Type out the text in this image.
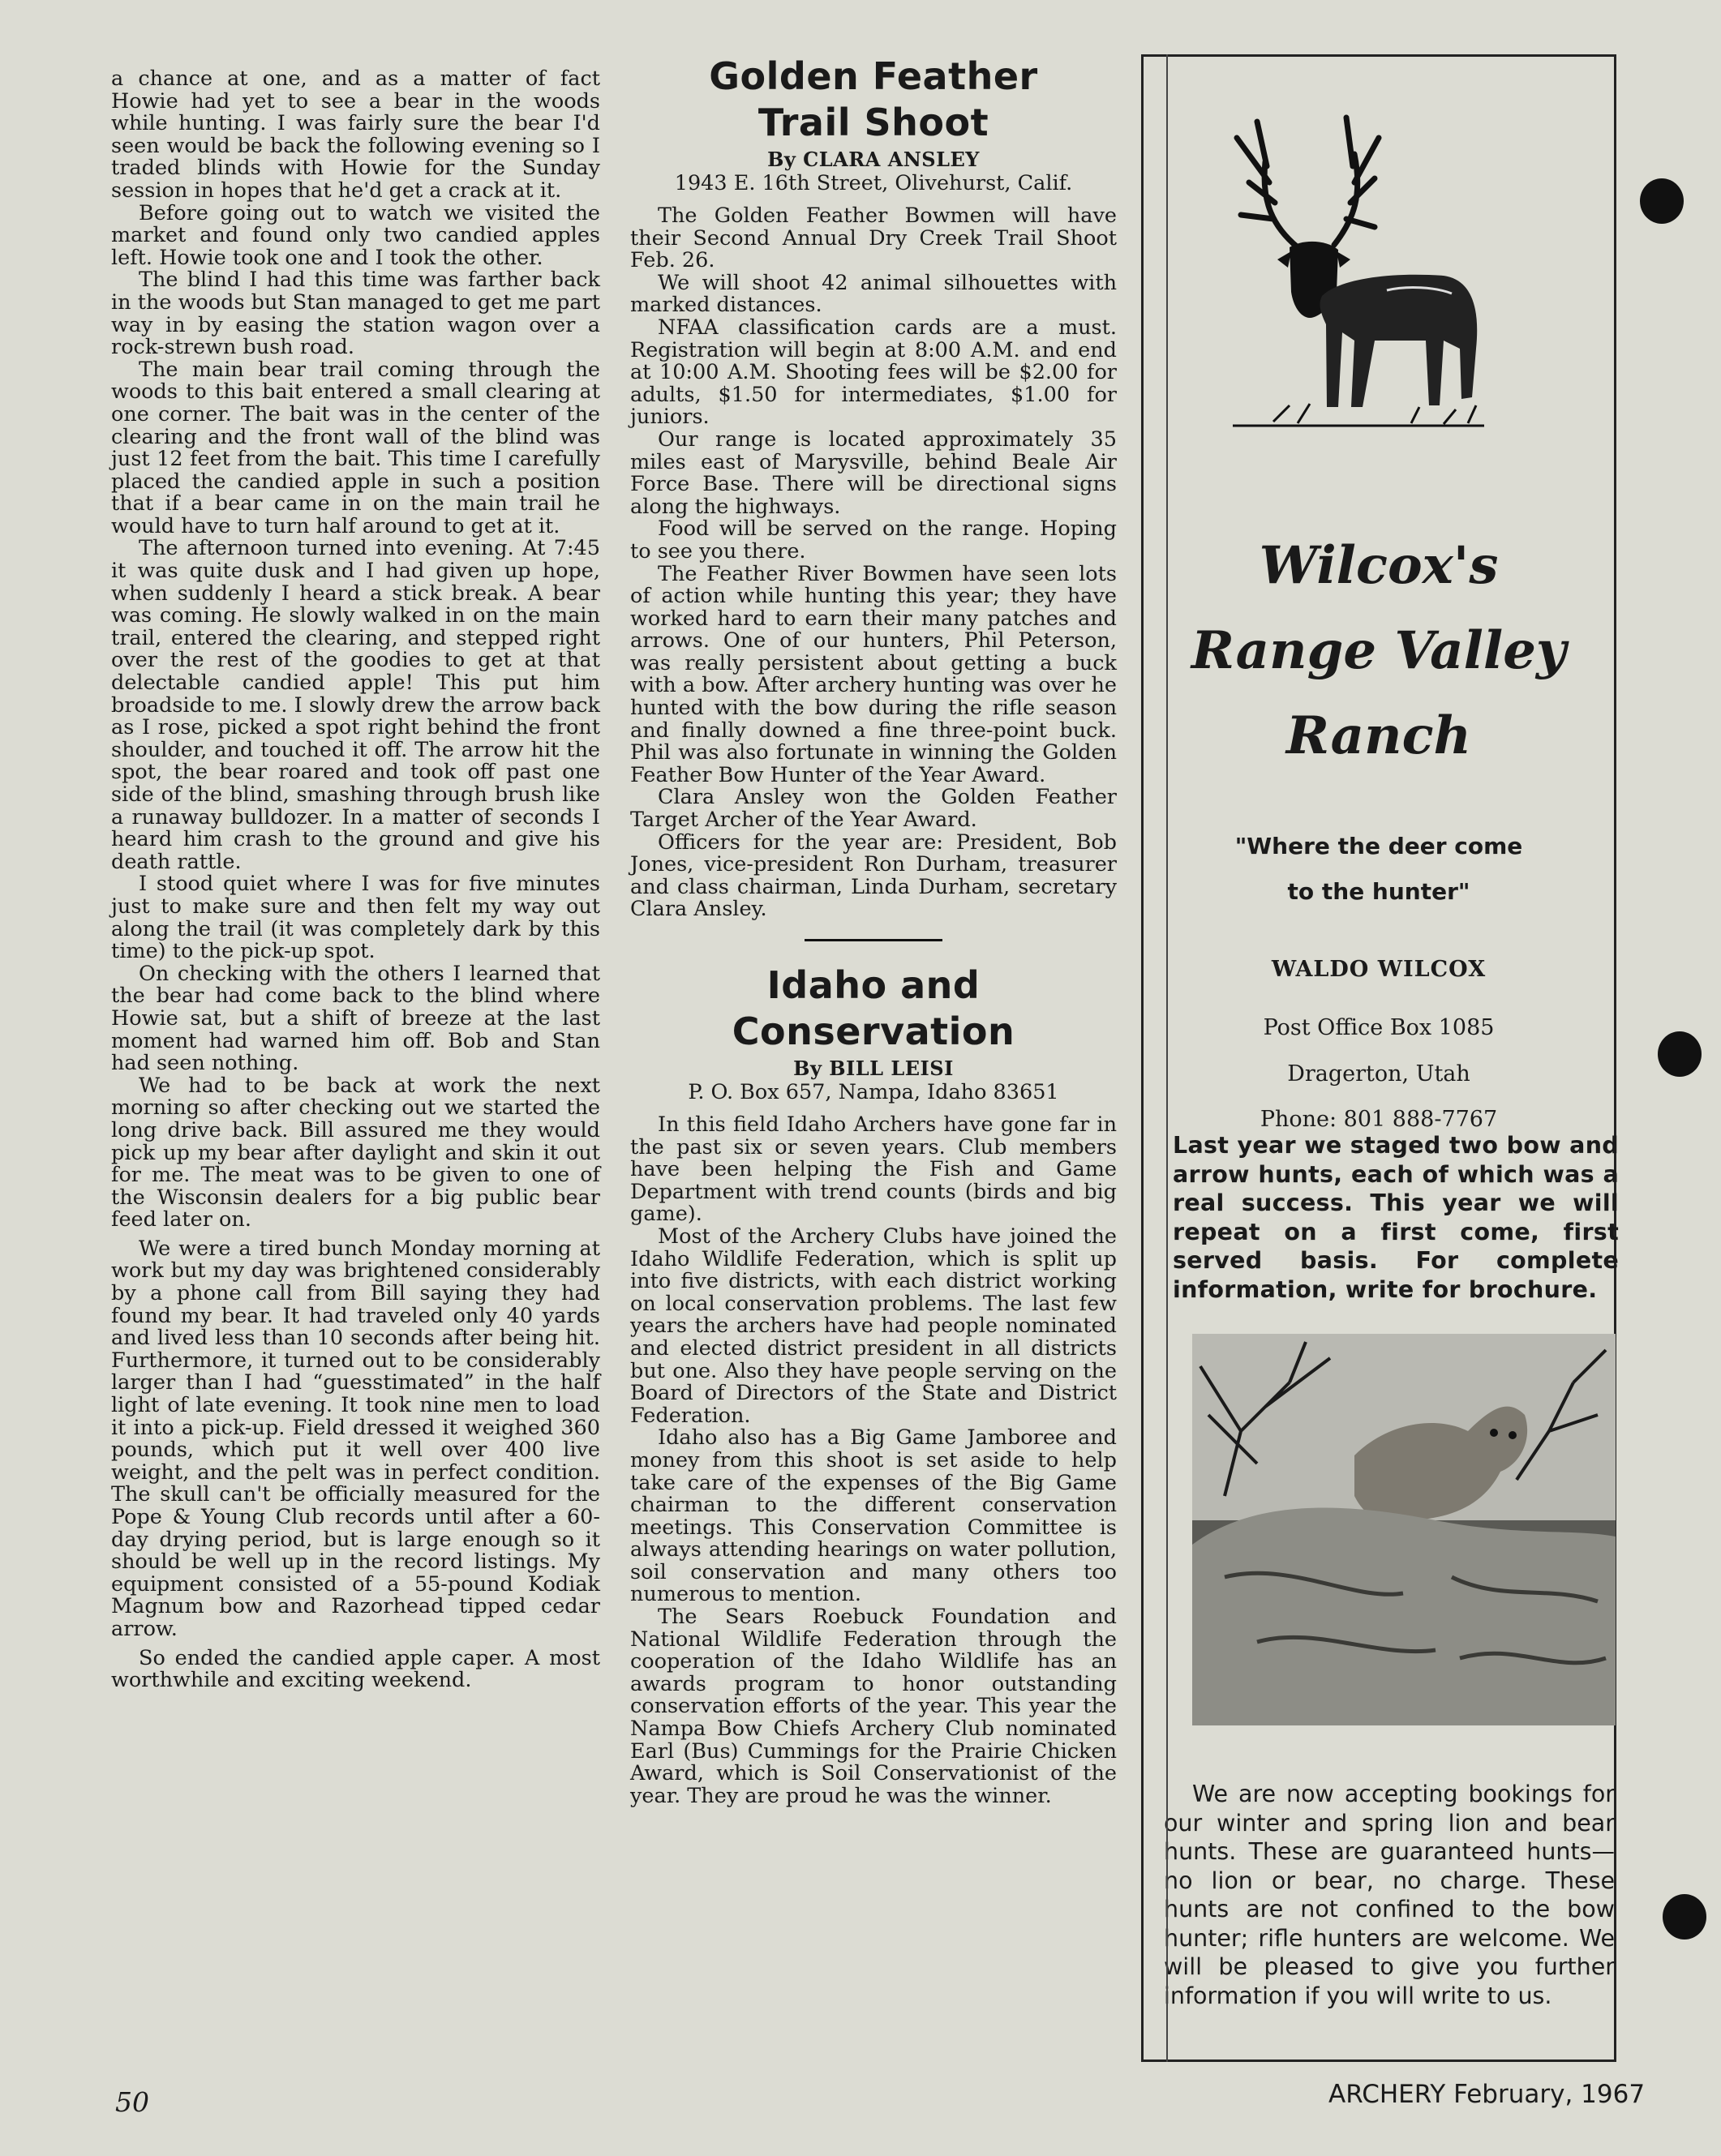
a chance at one, and as a matter of fact Howie had yet to see a bear in the woods while hunting. I was fairly sure the bear I'd seen would be back the following evening so I traded blinds with Howie for the Sunday session in hopes that he'd get a crack at it.

Before going out to watch we visited the market and found only two candied apples left. Howie took one and I took the other.

The blind I had this time was farther back in the woods but Stan managed to get me part way in by easing the station wagon over a rock-strewn bush road.

The main bear trail coming through the woods to this bait entered a small clearing at one corner. The bait was in the center of the clearing and the front wall of the blind was just 12 feet from the bait. This time I carefully placed the candied apple in such a position that if a bear came in on the main trail he would have to turn half around to get at it.

The afternoon turned into evening. At 7:45 it was quite dusk and I had given up hope, when suddenly I heard a stick break. A bear was coming. He slowly walked in on the main trail, entered the clearing, and stepped right over the rest of the goodies to get at that delectable candied apple! This put him broadside to me. I slowly drew the arrow back as I rose, picked a spot right behind the front shoulder, and touched it off. The arrow hit the spot, the bear roared and took off past one side of the blind, smashing through brush like a runaway bulldozer. In a matter of seconds I heard him crash to the ground and give his death rattle.

I stood quiet where I was for five minutes just to make sure and then felt my way out along the trail (it was completely dark by this time) to the pick-up spot.

On checking with the others I learned that the bear had come back to the blind where Howie sat, but a shift of breeze at the last moment had warned him off. Bob and Stan had seen nothing.

We had to be back at work the next morning so after checking out we started the long drive back. Bill assured me they would pick up my bear after daylight and skin it out for me. The meat was to be given to one of the Wisconsin dealers for a big public bear feed later on.

We were a tired bunch Monday morning at work but my day was brightened considerably by a phone call from Bill saying they had found my bear. It had traveled only 40 yards and lived less than 10 seconds after being hit. Furthermore, it turned out to be considerably larger than I had “guesstimated” in the half light of late evening. It took nine men to load it into a pick-up. Field dressed it weighed 360 pounds, which put it well over 400 live weight, and the pelt was in perfect condition. The skull can't be officially measured for the Pope & Young Club records until after a 60-day drying period, but is large enough so it should be well up in the record listings. My equipment consisted of a 55-pound Kodiak Magnum bow and Razorhead tipped cedar arrow.

So ended the candied apple caper. A most worthwhile and exciting weekend.

Golden Feather
Trail Shoot
By CLARA ANSLEY
1943 E. 16th Street, Olivehurst, Calif.

The Golden Feather Bowmen will have their Second Annual Dry Creek Trail Shoot Feb. 26.

We will shoot 42 animal silhouettes with marked distances.

NFAA classification cards are a must. Registration will begin at 8:00 A.M. and end at 10:00 A.M. Shooting fees will be $2.00 for adults, $1.50 for intermediates, $1.00 for juniors.

Our range is located approximately 35 miles east of Marysville, behind Beale Air Force Base. There will be directional signs along the highways.

Food will be served on the range. Hoping to see you there.

The Feather River Bowmen have seen lots of action while hunting this year; they have worked hard to earn their many patches and arrows. One of our hunters, Phil Peterson, was really persistent about getting a buck with a bow. After archery hunting was over he hunted with the bow during the rifle season and finally downed a fine three-point buck. Phil was also fortunate in winning the Golden Feather Bow Hunter of the Year Award.

Clara Ansley won the Golden Feather Target Archer of the Year Award.

Officers for the year are: President, Bob Jones, vice-president Ron Durham, treasurer and class chairman, Linda Durham, secretary Clara Ansley.

Idaho and
Conservation
By BILL LEISI
P. O. Box 657, Nampa, Idaho 83651

In this field Idaho Archers have gone far in the past six or seven years. Club members have been helping the Fish and Game Department with trend counts (birds and big game).

Most of the Archery Clubs have joined the Idaho Wildlife Federation, which is split up into five districts, with each district working on local conservation problems. The last few years the archers have had people nominated and elected district president in all districts but one. Also they have people serving on the Board of Directors of the State and District Federation.

Idaho also has a Big Game Jamboree and money from this shoot is set aside to help take care of the expenses of the Big Game chairman to the different conservation meetings. This Conservation Committee is always attending hearings on water pollution, soil conservation and many others too numerous to mention.

The Sears Roebuck Foundation and National Wildlife Federation through the cooperation of the Idaho Wildlife has an awards program to honor outstanding conservation efforts of the year. This year the Nampa Bow Chiefs Archery Club nominated Earl (Bus) Cummings for the Prairie Chicken Award, which is Soil Conservationist of the year. They are proud he was the winner.

Wilcox's
Range Valley
Ranch
"Where the deer come
to the hunter"
WALDO WILCOX
Post Office Box 1085
Dragerton, Utah
Phone: 801 888-7767

Last year we staged two bow and arrow hunts, each of which was a real success. This year we will repeat on a first come, first served basis. For complete information, write for brochure.

We are now accepting bookings for our winter and spring lion and bear hunts. These are guaranteed hunts—no lion or bear, no charge. These hunts are not confined to the bow hunter; rifle hunters are welcome. We will be pleased to give you further information if you will write to us.

50	ARCHERY February, 1967
